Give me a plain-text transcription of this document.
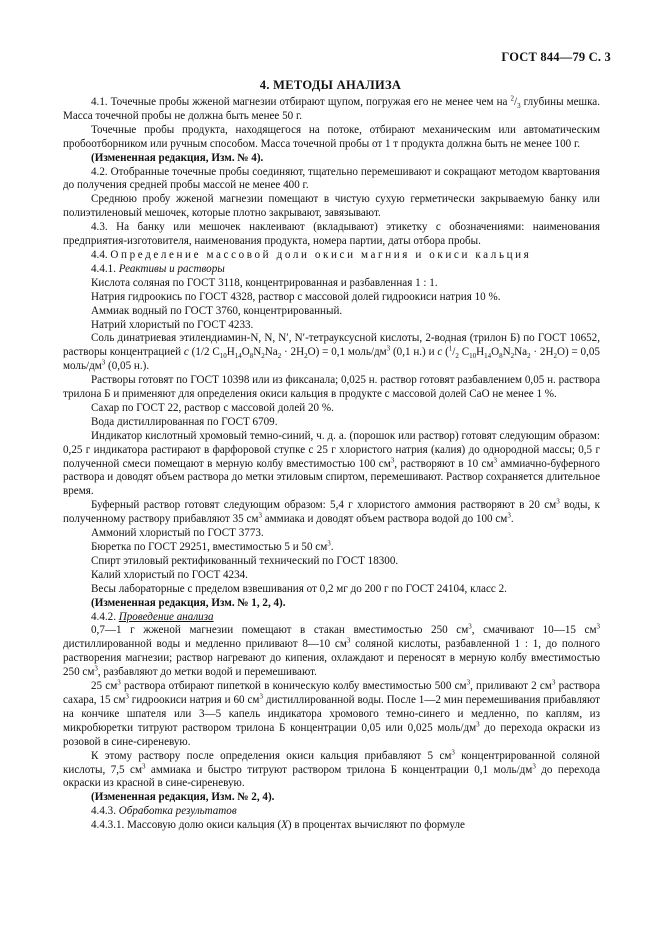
ГОСТ 844—79 С. 3
4. МЕТОДЫ АНАЛИЗА

4.1. Точечные пробы жженой магнезии отбирают щупом, погружая его не менее чем на $^2/_3$ глубины мешка. Масса точечной пробы не должна быть менее 50 г.

Точечные пробы продукта, находящегося на потоке, отбирают механическим или автоматическим пробоотборником или ручным способом. Масса точечной пробы от 1 т продукта должна быть не менее 100 г.

(Измененная редакция, Изм. № 4).

4.2. Отобранные точечные пробы соединяют, тщательно перемешивают и сокращают методом квартования до получения средней пробы массой не менее 400 г.

Среднюю пробу жженой магнезии помещают в чистую сухую герметически закрываемую банку или полиэтиленовый мешочек, которые плотно закрывают, завязывают.

4.3. На банку или мешочек наклеивают (вкладывают) этикетку с обозначениями: наименования предприятия-изготовителя, наименования продукта, номера партии, даты отбора пробы.

4.4. Определение массовой доли окиси магния и окиси кальция

4.4.1. Реактивы и растворы

Кислота соляная по ГОСТ 3118, концентрированная и разбавленная 1 : 1.

Натрия гидроокись по ГОСТ 4328, раствор с массовой долей гидроокиси натрия 10 %.

Аммиак водный по ГОСТ 3760, концентрированный.

Натрий хлористый по ГОСТ 4233.

Соль динатриевая этилендиамин-N, N, N′, N′-тетрауксусной кислоты, 2-водная (трилон Б) по ГОСТ 10652, растворы концентрацией c (1/2 $C_{10}H_{14}O_8N_2Na_2 \cdot 2H_2O) = 0,1$ моль/$дм^3$ (0,1 н.) и c ($^1/_2$ $C_{10}H_{14}O_8N_2Na_2 \cdot 2H_2O) = 0,05$ моль/$дм^3$ (0,05 н.).

Растворы готовят по ГОСТ 10398 или из фиксанала; 0,025 н. раствор готовят разбавлением 0,05 н. раствора трилона Б и применяют для определения окиси кальция в продукте с массовой долей CaO не менее 1 %.

Сахар по ГОСТ 22, раствор с массовой долей 20 %.

Вода дистиллированная по ГОСТ 6709.

Индикатор кислотный хромовый темно-синий, ч. д. а. (порошок или раствор) готовят следующим образом: 0,25 г индикатора растирают в фарфоровой ступке с 25 г хлористого натрия (калия) до однородной массы; 0,5 г полученной смеси помещают в мерную колбу вместимостью 100 $см^3$, растворяют в 10 $см^3$ аммиачно-буферного раствора и доводят объем раствора до метки этиловым спиртом, перемешивают. Раствор сохраняется длительное время.

Буферный раствор готовят следующим образом: 5,4 г хлористого аммония растворяют в 20 $см^3$ воды, к полученному раствору прибавляют 35 $см^3$ аммиака и доводят объем раствора водой до 100 $см^3$.

Аммоний хлористый по ГОСТ 3773.

Бюретка по ГОСТ 29251, вместимостью 5 и 50 $см^3$.

Спирт этиловый ректификованный технический по ГОСТ 18300.

Калий хлористый по ГОСТ 4234.

Весы лабораторные с пределом взвешивания от 0,2 мг до 200 г по ГОСТ 24104, класс 2.

(Измененная редакция, Изм. № 1, 2, 4).

4.4.2. Проведение анализа

0,7—1 г жженой магнезии помещают в стакан вместимостью 250 $см^3$, смачивают 10—15 $см^3$ дистиллированной воды и медленно приливают 8—10 $см^3$ соляной кислоты, разбавленной 1 : 1, до полного растворения магнезии; раствор нагревают до кипения, охлаждают и переносят в мерную колбу вместимостью 250 $см^3$, разбавляют до метки водой и перемешивают.

25 $см^3$ раствора отбирают пипеткой в коническую колбу вместимостью 500 $см^3$, приливают 2 $см^3$ раствора сахара, 15 $см^3$ гидроокиси натрия и 60 $см^3$ дистиллированной воды. После 1—2 мин перемешивания прибавляют на кончике шпателя или 3—5 капель индикатора хромового темно-синего и медленно, по каплям, из микробюретки титруют раствором трилона Б концентрации 0,05 или 0,025 моль/$дм^3$ до перехода окраски из розовой в сине-сиреневую.

К этому раствору после определения окиси кальция прибавляют 5 $см^3$ концентрированной соляной кислоты, 7,5 $см^3$ аммиака и быстро титруют раствором трилона Б концентрации 0,1 моль/$дм^3$ до перехода окраски из красной в сине-сиреневую.

(Измененная редакция, Изм. № 2, 4).

4.4.3. Обработка результатов

4.4.3.1. Массовую долю окиси кальция (X) в процентах вычисляют по формуле
